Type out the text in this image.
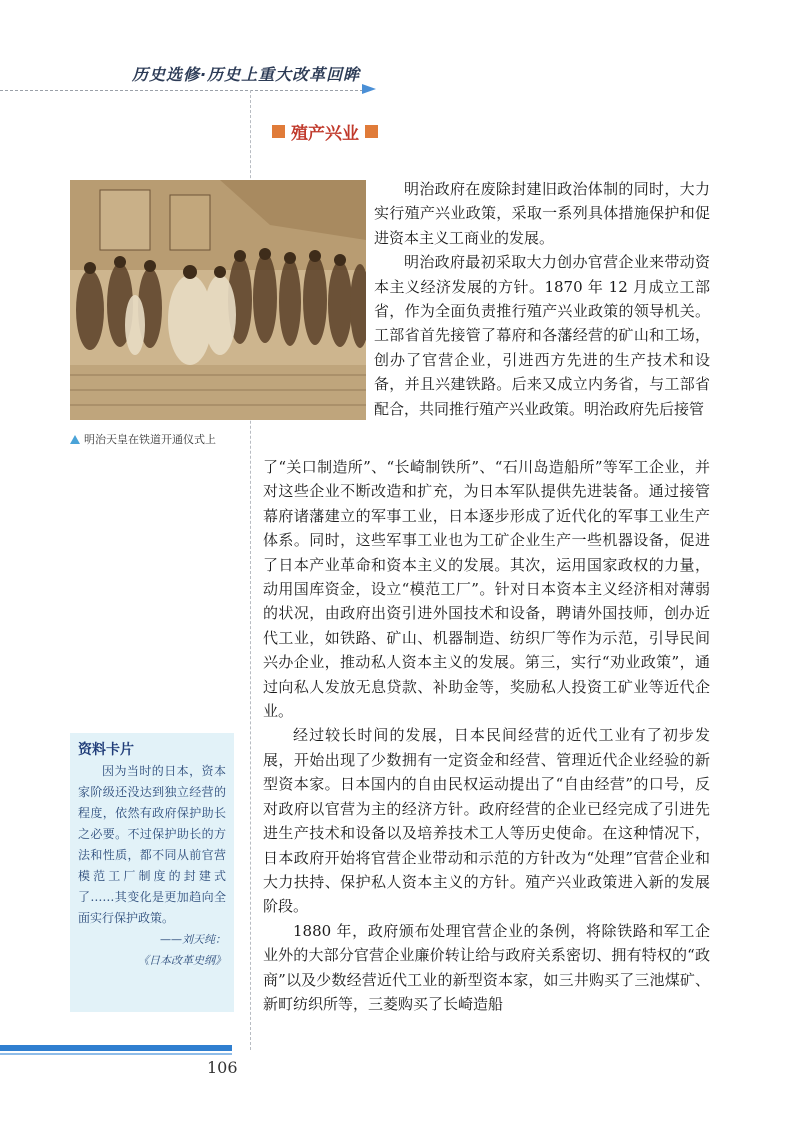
历史选修·历史上重大改革回眸
殖产兴业
明治天皇在铁道开通仪式上

明治政府在废除封建旧政治体制的同时，大力实行殖产兴业政策，采取一系列具体措施保护和促进资本主义工商业的发展。

明治政府最初采取大力创办官营企业来带动资本主义经济发展的方针。1870 年 12 月成立工部省，作为全面负责推行殖产兴业政策的领导机关。工部省首先接管了幕府和各藩经营的矿山和工场，创办了官营企业，引进西方先进的生产技术和设备，并且兴建铁路。后来又成立内务省，与工部省配合，共同推行殖产兴业政策。明治政府先后接管

了“关口制造所”、“长崎制铁所”、“石川岛造船所”等军工企业，并对这些企业不断改造和扩充，为日本军队提供先进装备。通过接管幕府诸藩建立的军事工业，日本逐步形成了近代化的军事工业生产体系。同时，这些军事工业也为工矿企业生产一些机器设备，促进了日本产业革命和资本主义的发展。其次，运用国家政权的力量，动用国库资金，设立“模范工厂”。针对日本资本主义经济相对薄弱的状况，由政府出资引进外国技术和设备，聘请外国技师，创办近代工业，如铁路、矿山、机器制造、纺织厂等作为示范，引导民间兴办企业，推动私人资本主义的发展。第三，实行“劝业政策”，通过向私人发放无息贷款、补助金等，奖励私人投资工矿业等近代企业。

经过较长时间的发展，日本民间经营的近代工业有了初步发展，开始出现了少数拥有一定资金和经营、管理近代企业经验的新型资本家。日本国内的自由民权运动提出了“自由经营”的口号，反对政府以官营为主的经济方针。政府经营的企业已经完成了引进先进生产技术和设备以及培养技术工人等历史使命。在这种情况下，日本政府开始将官营企业带动和示范的方针改为“处理”官营企业和大力扶持、保护私人资本主义的方针。殖产兴业政策进入新的发展阶段。

1880 年，政府颁布处理官营企业的条例，将除铁路和军工企业外的大部分官营企业廉价转让给与政府关系密切、拥有特权的“政商”以及少数经营近代工业的新型资本家，如三井购买了三池煤矿、新町纺织所等，三菱购买了长崎造船

资料卡片
因为当时的日本，资本家阶级还没达到独立经营的程度，依然有政府保护助长之必要。不过保护助长的方法和性质，都不同从前官营模范工厂制度的封建式了……其变化是更加趋向全面实行保护政策。
——刘天纯：
《日本改革史纲》
106
